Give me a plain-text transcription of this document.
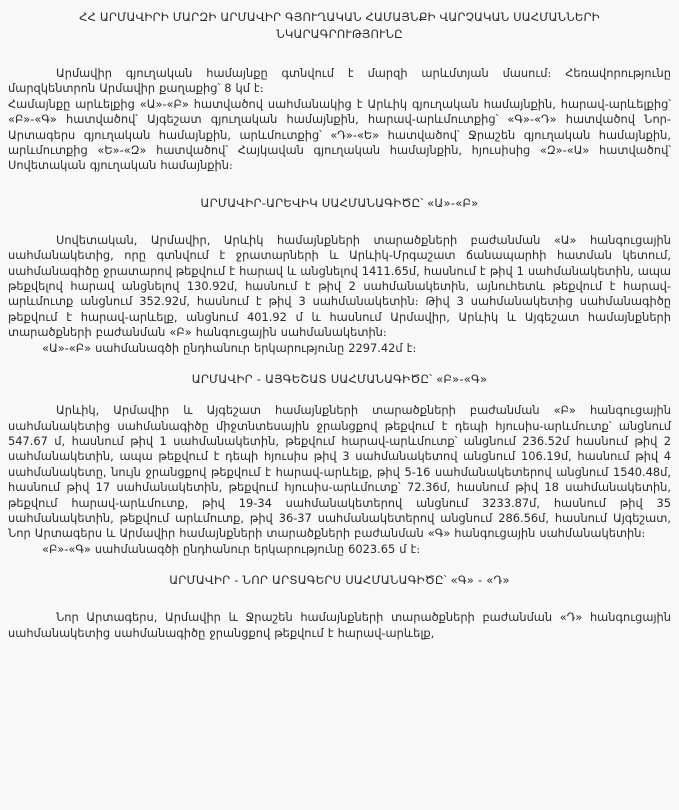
ՀՀ ԱՐՄԱՎԻՐԻ ՄԱՐԶԻ ԱՐՄԱՎԻՐ ԳՅՈՒՂԱԿԱՆ ՀԱՄԱՅՆՔԻ ՎԱՐՉԱԿԱՆ ՍԱՀՄԱՆՆԵՐԻ ՆԿԱՐԱԳՐՈՒԹՅՈՒՆԸ

Արմավիր գյուղական համայնքը գտնվում է մարզի արևմտյան մասում։ Հեռավորությունը մարզկենտրոն Արմավիր քաղաքից՝ 8 կմ է։

Համայնքը արևելքից «Ա»-«Բ» հատվածով սահմանակից է Արևիկ գյուղական համայնքին, հարավ-արևելքից՝ «Բ»-«Գ» հատվածով՝ Այգեշատ գյուղական համայնքին, հարավ-արևմուտքից՝ «Գ»-«Դ» հատվածով Նոր-Արտագերս գյուղական համայնքին, արևմուտքից՝ «Դ»-«Ե» հատվածով՝ Ջրաշեն գյուղական համայնքին, արևմուտքից «Ե»-«Զ» հատվածով՝ Հայկավան գյուղական համայնքին, հյուսիսից «Զ»-«Ա» հատվածով՝ Սովետական գյուղական համայնքին։

ԱՐՄԱՎԻՐ-ԱՐԵՎԻԿ ՍԱՀՄԱՆԱԳԻԾԸ՝ «Ա»-«Բ»

Սովետական, Արմավիր, Արևիկ համայնքների տարածքների բաժանման «Ա» հանգուցային սահմանակետից, որը գտնվում է ջրատարների և Արևիկ-Մրգաշատ ճանապարհի հատման կետում, սահմանագիծը ջրատարով թեքվում է հարավ և անցնելով 1411.65մ, հասնում է թիվ 1 սահմանակետին, ապա թեքվելով հարավ անցնելով 130.92մ, հասնում է թիվ 2 սահմանակետին, այնուհետև թեքվում է հարավ-արևմուտք անցնում 352.92մ, հասնում է թիվ 3 սահմանակետին։ Թիվ 3 սահմանակետից սահմանագիծը թեքվում է հարավ-արևելք, անցնում 401.92 մ և հասնում Արմավիր, Արևիկ և Այգեշատ համայնքների տարածքների բաժանման «Բ» հանգուցային սահմանակետին։

«Ա»-«Բ» սահմանագծի ընդհանուր երկարությունը 2297.42մ է։

ԱՐՄԱՎԻՐ - ԱՅԳԵՇԱՏ ՍԱՀՄԱՆԱԳԻԾԸ՝ «Բ»-«Գ»

Արևիկ, Արմավիր և Այգեշատ համայնքների տարածքների բաժանման «Բ» հանգուցային սահմանակետից սահմանագիծը միջտնտեսային ջրանցքով թեքվում է դեպի հյուսիս-արևմուտք՝ անցնում 547.67 մ, հասնում թիվ 1 սահմանակետին, թեքվում հարավ-արևմուտք՝ անցնում 236.52մ հասնում թիվ 2 սահմանակետին, ապա թեքվում է դեպի հյուսիս թիվ 3 սահմանակետով անցնում 106.19մ, հասնում թիվ 4 սահմանակետը, նույն ջրանցքով թեքվում է հարավ-արևելք, թիվ 5-16 սահմանակետերով անցնում 1540.48մ, հասնում թիվ 17 սահմանակետին, թեքվում հյուսիս-արևմուտք՝ 72.36մ, հասնում թիվ 18 սահմանակետին, թեքվում հարավ-արևմուտք, թիվ 19-34 սահմանակետերով անցնում 3233.87մ, հասնում թիվ 35 սահմանակետին, թեքվում արևմուտք, թիվ 36-37 սահմանակետերով անցնում 286.56մ, հասնում Այգեշատ, Նոր Արտագերս և Արմավիր համայնքների տարածքների բաժանման «Գ» հանգուցային սահմանակետին։

«Բ»-«Գ» սահմանագծի ընդհանուր երկարությունը 6023.65 մ է։

ԱՐՄԱՎԻՐ - ՆՈՐ ԱՐՏԱԳԵՐՍ ՍԱՀՄԱՆԱԳԻԾԸ՝ «Գ» - «Դ»

Նոր Արտագերս, Արմավիր և Ջրաշեն համայնքների տարածքների բաժանման «Դ» հանգուցային սահմանակետից սահմանագիծը ջրանցքով թեքվում է հարավ-արևելք,
